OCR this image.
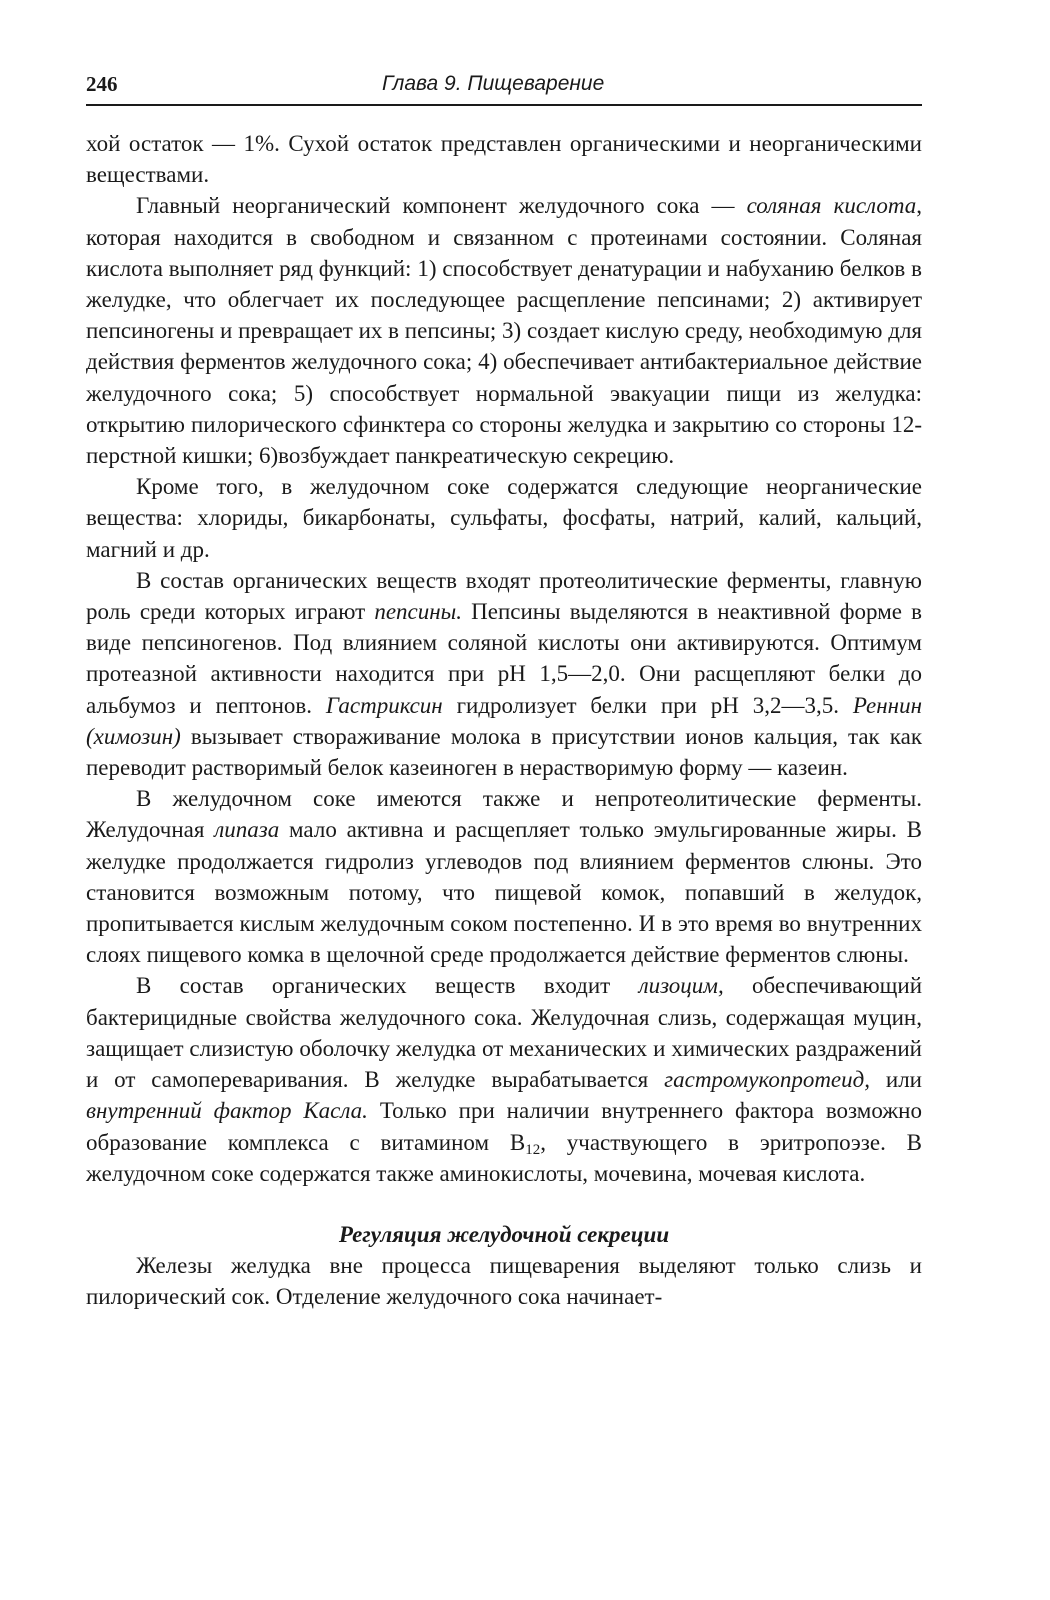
246	Глава 9. Пищеварение

хой остаток — 1%. Сухой остаток представлен органическими и неорганическими веществами.

Главный неорганический компонент желудочного сока — соляная кислота, которая находится в свободном и связанном с протеинами состоянии. Соляная кислота выполняет ряд функций: 1) способствует денатурации и набуханию белков в желудке, что облегчает их последующее расщепление пепсинами; 2) активирует пепсиногены и превращает их в пепсины; 3) создает кислую среду, необходимую для действия ферментов желудочного сока; 4) обеспечивает антибактериальное действие желудочного сока; 5) способствует нормальной эвакуации пищи из желудка: открытию пилорического сфинктера со стороны желудка и закрытию со стороны 12-перстной кишки; 6)возбуждает панкреатическую секрецию.

Кроме того, в желудочном соке содержатся следующие неорганические вещества: хлориды, бикарбонаты, сульфаты, фосфаты, натрий, калий, кальций, магний и др.

В состав органических веществ входят протеолитические ферменты, главную роль среди которых играют пепсины. Пепсины выделяются в неактивной форме в виде пепсиногенов. Под влиянием соляной кислоты они активируются. Оптимум протеазной активности находится при pH 1,5—2,0. Они расщепляют белки до альбумоз и пептонов. Гастриксин гидролизует белки при pH 3,2—3,5. Реннин (химозин) вызывает створаживание молока в присутствии ионов кальция, так как переводит растворимый белок казеиноген в нерастворимую форму — казеин.

В желудочном соке имеются также и непротеолитические ферменты. Желудочная липаза мало активна и расщепляет только эмульгированные жиры. В желудке продолжается гидролиз углеводов под влиянием ферментов слюны. Это становится возможным потому, что пищевой комок, попавший в желудок, пропитывается кислым желудочным соком постепенно. И в это время во внутренних слоях пищевого комка в щелочной среде продолжается действие ферментов слюны.

В состав органических веществ входит лизоцим, обеспечивающий бактерицидные свойства желудочного сока. Желудочная слизь, содержащая муцин, защищает слизистую оболочку желудка от механических и химических раздражений и от самопереваривания. В желудке вырабатывается гастромукопротеид, или внутренний фактор Касла. Только при наличии внутреннего фактора возможно образование комплекса с витамином $B_{12}$, участвующего в эритропоэзе. В желудочном соке содержатся также аминокислоты, мочевина, мочевая кислота.

Регуляция желудочной секреции

Железы желудка вне процесса пищеварения выделяют только слизь и пилорический сок. Отделение желудочного сока начинает-
